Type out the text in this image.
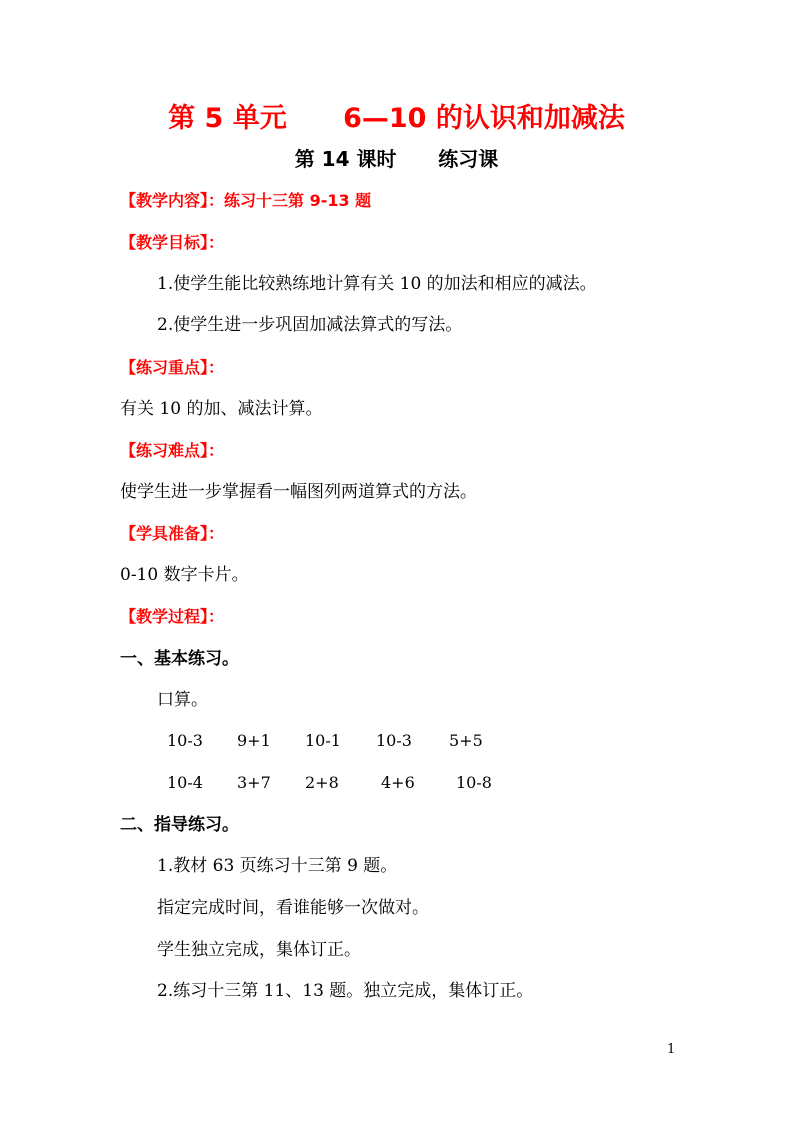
第 5 单元      6—10 的认识和加减法
第 14 课时      练习课
【教学内容】：练习十三第 9-13 题
【教学目标】：
1.使学生能比较熟练地计算有关 10 的加法和相应的减法。
2.使学生进一步巩固加减法算式的写法。
【练习重点】：
有关 10 的加、减法计算。
【练习难点】：
使学生进一步掌握看一幅图列两道算式的方法。
【学具准备】：
0-10 数字卡片。
【教学过程】：
一、基本练习。
口算。
10-3 9+1 10-1 10-3 5+5
10-4 3+7 2+8	4+6	10-8
二、指导练习。
1.教材 63 页练习十三第 9 题。
指定完成时间，看谁能够一次做对。
学生独立完成，集体订正。
2.练习十三第 11、13 题。独立完成，集体订正。
1
